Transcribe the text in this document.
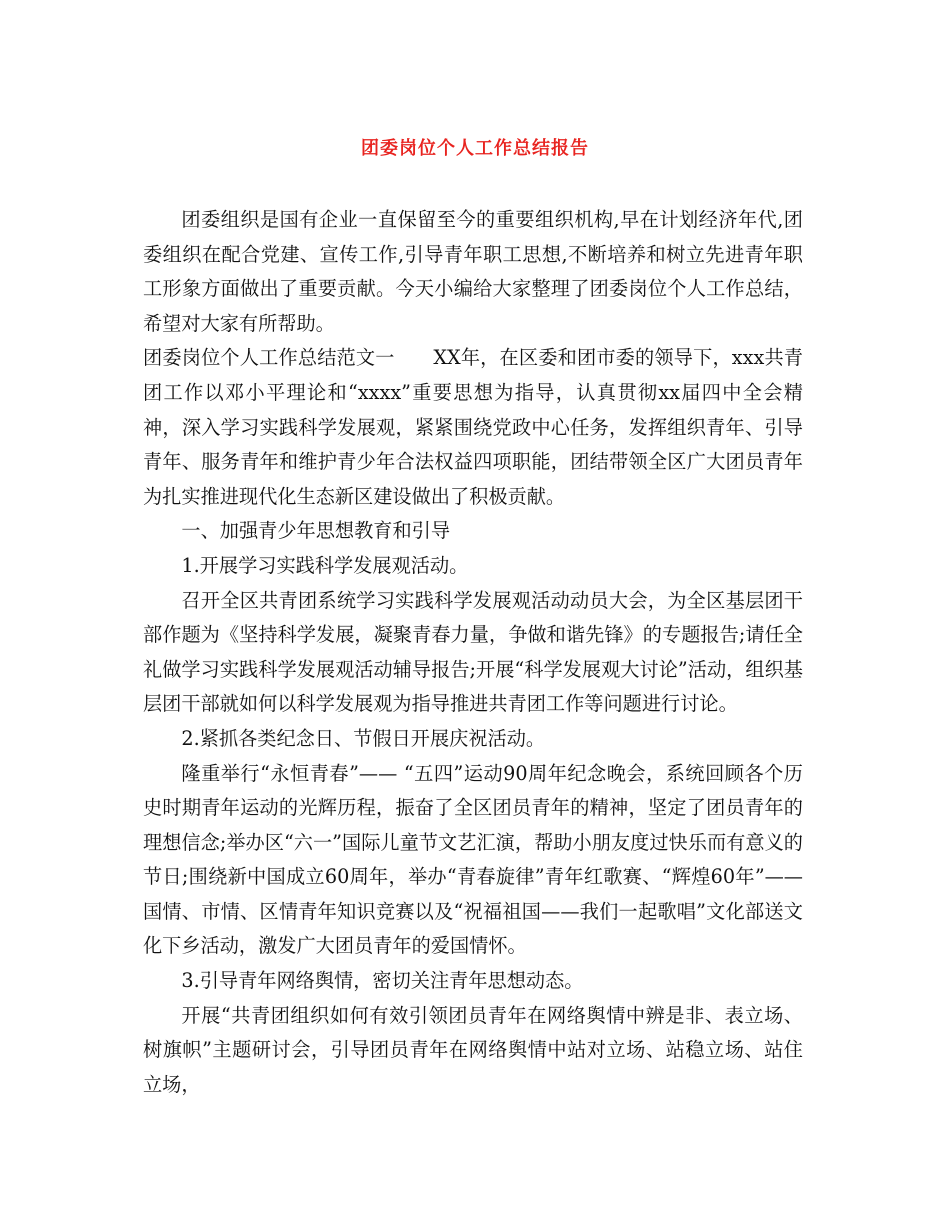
团委岗位个人工作总结报告

团委组织是国有企业一直保留至今的重要组织机构,早在计划经济年代,团委组织在配合党建、宣传工作,引导青年职工思想,不断培养和树立先进青年职工形象方面做出了重要贡献。今天小编给大家整理了团委岗位个人工作总结，希望对大家有所帮助。

团委岗位个人工作总结范文一　　XX年，在区委和团市委的领导下，xxx共青团工作以邓小平理论和“xxxx”重要思想为指导，认真贯彻xx届四中全会精神，深入学习实践科学发展观，紧紧围绕党政中心任务，发挥组织青年、引导青年、服务青年和维护青少年合法权益四项职能，团结带领全区广大团员青年为扎实推进现代化生态新区建设做出了积极贡献。

一、加强青少年思想教育和引导

1.开展学习实践科学发展观活动。

召开全区共青团系统学习实践科学发展观活动动员大会，为全区基层团干部作题为《坚持科学发展，凝聚青春力量，争做和谐先锋》的专题报告;请任全礼做学习实践科学发展观活动辅导报告;开展“科学发展观大讨论”活动，组织基层团干部就如何以科学发展观为指导推进共青团工作等问题进行讨论。

2.紧抓各类纪念日、节假日开展庆祝活动。

隆重举行“永恒青春”—— “五四”运动90周年纪念晚会，系统回顾各个历史时期青年运动的光辉历程，振奋了全区团员青年的精神，坚定了团员青年的理想信念;举办区“六一”国际儿童节文艺汇演，帮助小朋友度过快乐而有意义的节日;围绕新中国成立60周年，举办“青春旋律”青年红歌赛、“辉煌60年”——国情、市情、区情青年知识竞赛以及“祝福祖国——我们一起歌唱”文化部送文化下乡活动，激发广大团员青年的爱国情怀。

3.引导青年网络舆情，密切关注青年思想动态。

开展“共青团组织如何有效引领团员青年在网络舆情中辨是非、表立场、树旗帜”主题研讨会，引导团员青年在网络舆情中站对立场、站稳立场、站住立场，
